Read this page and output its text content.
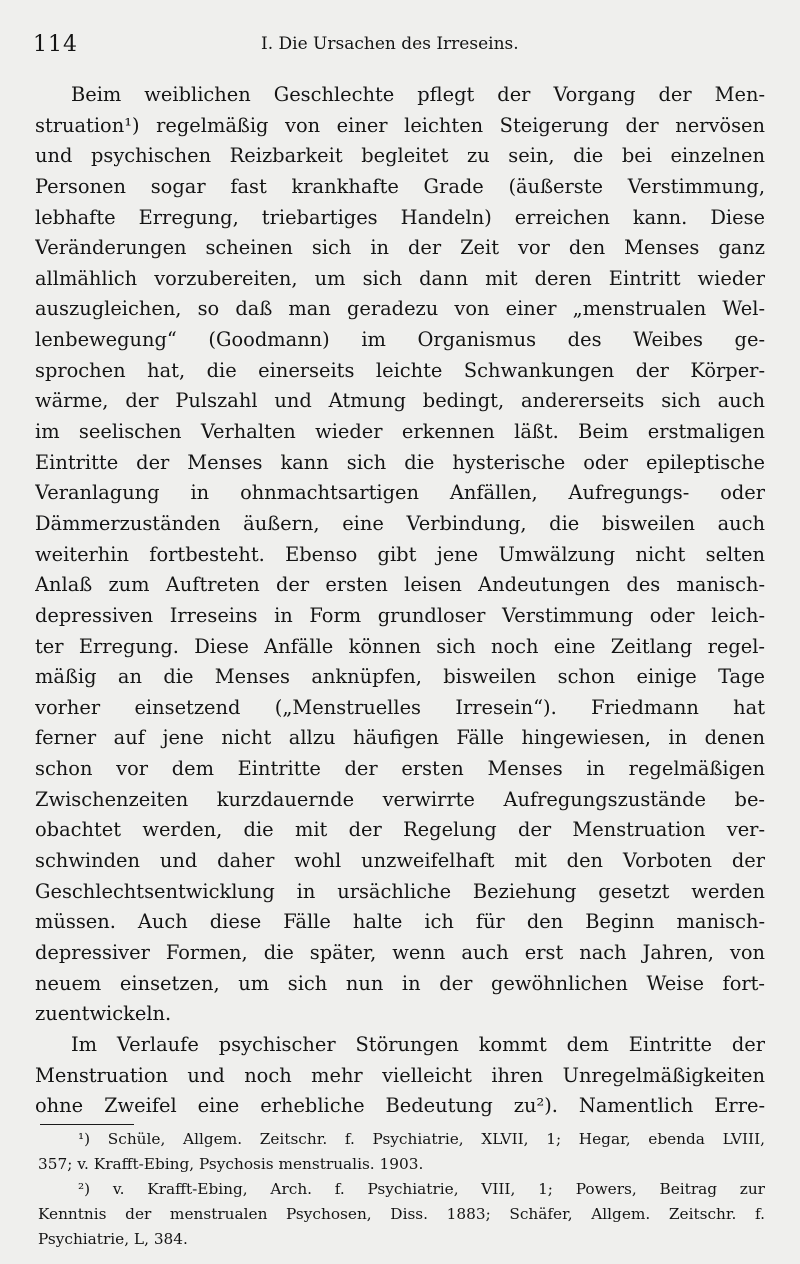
114	I. Die Ursachen des Irreseins.
Beim weiblichen Geschlechte pflegt der Vorgang der Men-
struation¹) regelmäßig von einer leichten Steigerung der nervösen
und psychischen Reizbarkeit begleitet zu sein, die bei einzelnen
Personen sogar fast krankhafte Grade (äußerste Verstimmung,
lebhafte Erregung, triebartiges Handeln) erreichen kann. Diese
Veränderungen scheinen sich in der Zeit vor den Menses ganz
allmählich vorzubereiten, um sich dann mit deren Eintritt wieder
auszugleichen, so daß man geradezu von einer „menstrualen Wel-
lenbewegung“ (Goodmann) im Organismus des Weibes ge-
sprochen hat, die einerseits leichte Schwankungen der Körper-
wärme, der Pulszahl und Atmung bedingt, andererseits sich auch
im seelischen Verhalten wieder erkennen läßt. Beim erstmaligen
Eintritte der Menses kann sich die hysterische oder epileptische
Veranlagung in ohnmachtsartigen Anfällen, Aufregungs- oder
Dämmerzuständen äußern, eine Verbindung, die bisweilen auch
weiterhin fortbesteht. Ebenso gibt jene Umwälzung nicht selten
Anlaß zum Auftreten der ersten leisen Andeutungen des manisch-
depressiven Irreseins in Form grundloser Verstimmung oder leich-
ter Erregung. Diese Anfälle können sich noch eine Zeitlang regel-
mäßig an die Menses anknüpfen, bisweilen schon einige Tage
vorher einsetzend („Menstruelles Irresein“). Friedmann hat
ferner auf jene nicht allzu häufigen Fälle hingewiesen, in denen
schon vor dem Eintritte der ersten Menses in regelmäßigen
Zwischenzeiten kurzdauernde verwirrte Aufregungszustände be-
obachtet werden, die mit der Regelung der Menstruation ver-
schwinden und daher wohl unzweifelhaft mit den Vorboten der
Geschlechtsentwicklung in ursächliche Beziehung gesetzt werden
müssen. Auch diese Fälle halte ich für den Beginn manisch-
depressiver Formen, die später, wenn auch erst nach Jahren, von
neuem einsetzen, um sich nun in der gewöhnlichen Weise fort-
zuentwickeln.
Im Verlaufe psychischer Störungen kommt dem Eintritte der
Menstruation und noch mehr vielleicht ihren Unregelmäßigkeiten
ohne Zweifel eine erhebliche Bedeutung zu²). Namentlich Erre-
¹) Schüle, Allgem. Zeitschr. f. Psychiatrie, XLVII, 1; Hegar, ebenda LVIII,
357; v. Krafft-Ebing, Psychosis menstrualis. 1903.
²) v. Krafft-Ebing, Arch. f. Psychiatrie, VIII, 1; Powers, Beitrag zur
Kenntnis der menstrualen Psychosen, Diss. 1883; Schäfer, Allgem. Zeitschr. f.
Psychiatrie, L, 384.
